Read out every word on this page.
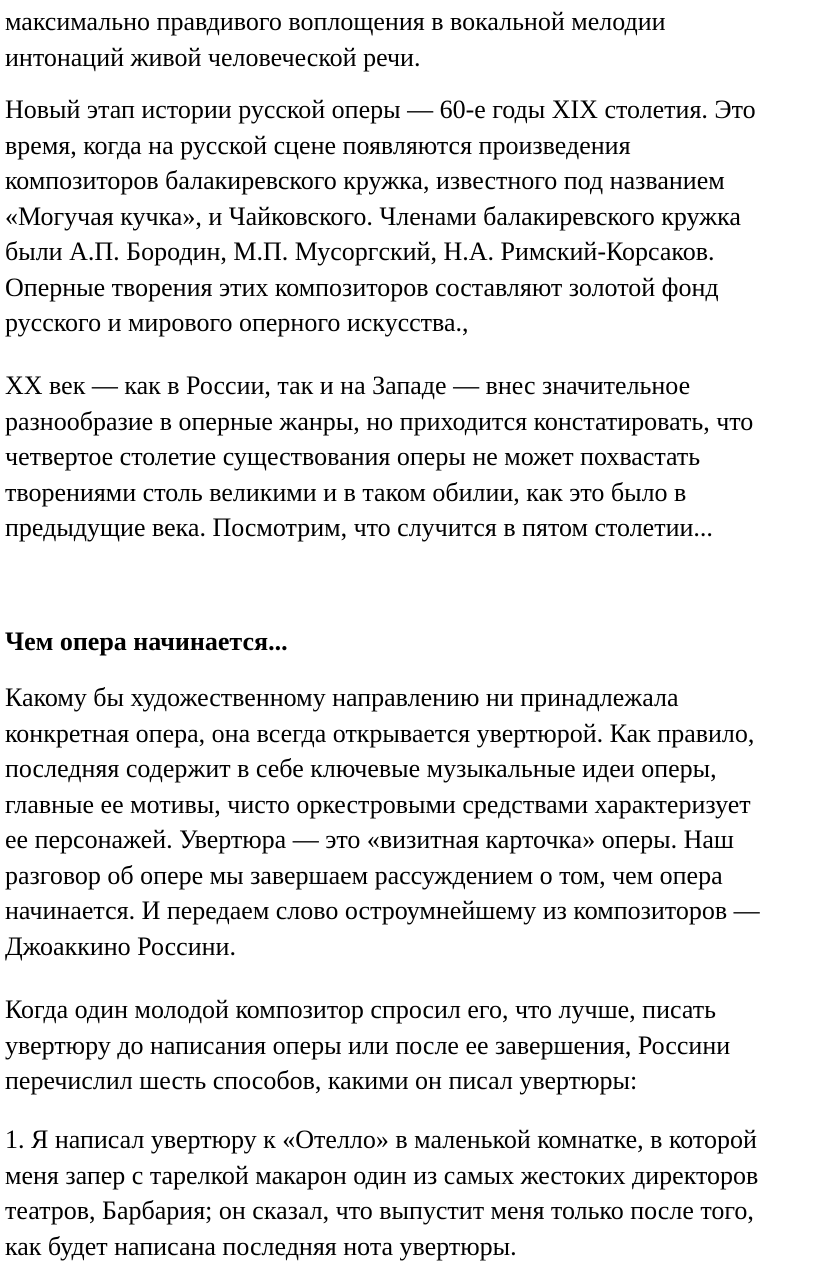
максимально правдивого воплощения в вокальной мелодии
интонаций живой человеческой речи.
Новый этап истории русской оперы — 60-е годы XIX столетия. Это
время, когда на русской сцене появляются произведения
композиторов балакиревского кружка, известного под названием
«Могучая кучка», и Чайковского. Членами балакиревского кружка
были А.П. Бородин, М.П. Мусоргский, Н.А. Римский-Корсаков.
Оперные творения этих композиторов составляют золотой фонд
русского и мирового оперного искусства.,
XX век — как в России, так и на Западе — внес значительное
разнообразие в оперные жанры, но приходится констатировать, что
четвертое столетие существования оперы не может похвастать
творениями столь великими и в таком обилии, как это было в
предыдущие века. Посмотрим, что случится в пятом столетии...
Чем опера начинается...
Какому бы художественному направлению ни принадлежала
конкретная опера, она всегда открывается увертюрой. Как правило,
последняя содержит в себе ключевые музыкальные идеи оперы,
главные ее мотивы, чисто оркестровыми средствами характеризует
ее персонажей. Увертюра — это «визитная карточка» оперы. Наш
разговор об опере мы завершаем рассуждением о том, чем опера
начинается. И передаем слово остроумнейшему из композиторов —
Джоаккино Россини.
Когда один молодой композитор спросил его, что лучше, писать
увертюру до написания оперы или после ее завершения, Россини
перечислил шесть способов, какими он писал увертюры:
1. Я написал увертюру к «Отелло» в маленькой комнатке, в которой
меня запер с тарелкой макарон один из самых жестоких директоров
театров, Барбария; он сказал, что выпустит меня только после того,
как будет написана последняя нота увертюры.
